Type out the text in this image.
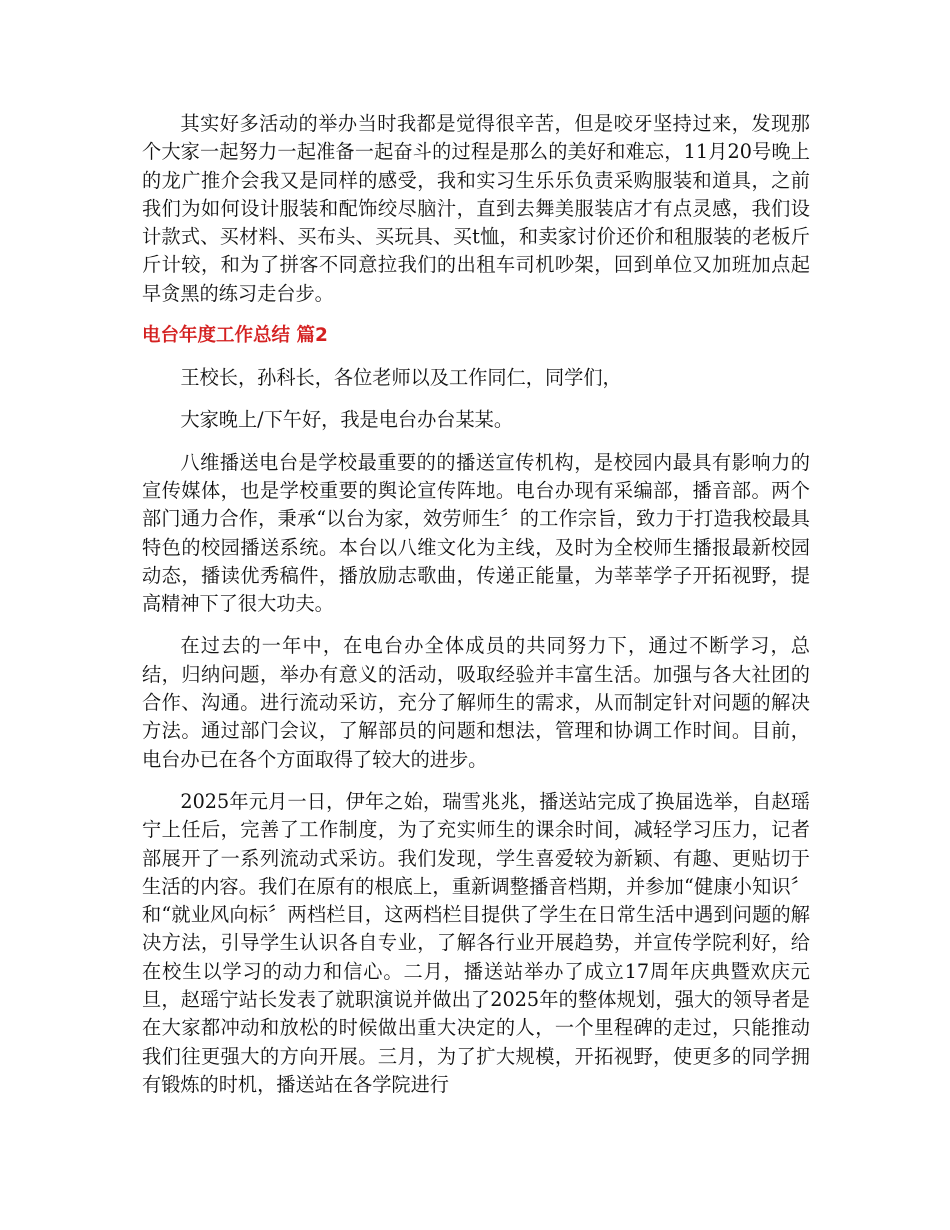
其实好多活动的举办当时我都是觉得很辛苦，但是咬牙坚持过来，发现那个大家一起努力一起准备一起奋斗的过程是那么的美好和难忘，11月20号晚上的龙广推介会我又是同样的感受，我和实习生乐乐负责采购服装和道具，之前我们为如何设计服装和配饰绞尽脑汁，直到去舞美服装店才有点灵感，我们设计款式、买材料、买布头、买玩具、买t恤，和卖家讨价还价和租服装的老板斤斤计较，和为了拼客不同意拉我们的出租车司机吵架，回到单位又加班加点起早贪黑的练习走台步。

电台年度工作总结 篇2

王校长，孙科长，各位老师以及工作同仁，同学们，

大家晚上/下午好，我是电台办台某某。

八维播送电台是学校最重要的的播送宣传机构，是校园内最具有影响力的宣传媒体，也是学校重要的舆论宣传阵地。电台办现有采编部，播音部。两个部门通力合作，秉承“以台为家，效劳师生〞的工作宗旨，致力于打造我校最具特色的校园播送系统。本台以八维文化为主线，及时为全校师生播报最新校园动态，播读优秀稿件，播放励志歌曲，传递正能量，为莘莘学子开拓视野，提高精神下了很大功夫。

在过去的一年中，在电台办全体成员的共同努力下，通过不断学习，总结，归纳问题，举办有意义的活动，吸取经验并丰富生活。加强与各大社团的合作、沟通。进行流动采访，充分了解师生的需求，从而制定针对问题的解决方法。通过部门会议，了解部员的问题和想法，管理和协调工作时间。目前，电台办已在各个方面取得了较大的进步。

2025年元月一日，伊年之始，瑞雪兆兆，播送站完成了换届选举，自赵瑶宁上任后，完善了工作制度，为了充实师生的课余时间，减轻学习压力，记者部展开了一系列流动式采访。我们发现，学生喜爱较为新颖、有趣、更贴切于生活的内容。我们在原有的根底上，重新调整播音档期，并参加“健康小知识〞和“就业风向标〞两档栏目，这两档栏目提供了学生在日常生活中遇到问题的解决方法，引导学生认识各自专业，了解各行业开展趋势，并宣传学院利好，给在校生以学习的动力和信心。二月，播送站举办了成立17周年庆典暨欢庆元旦，赵瑶宁站长发表了就职演说并做出了2025年的整体规划，强大的领导者是在大家都冲动和放松的时候做出重大决定的人，一个里程碑的走过，只能推动我们往更强大的方向开展。三月，为了扩大规模，开拓视野，使更多的同学拥有锻炼的时机，播送站在各学院进行
